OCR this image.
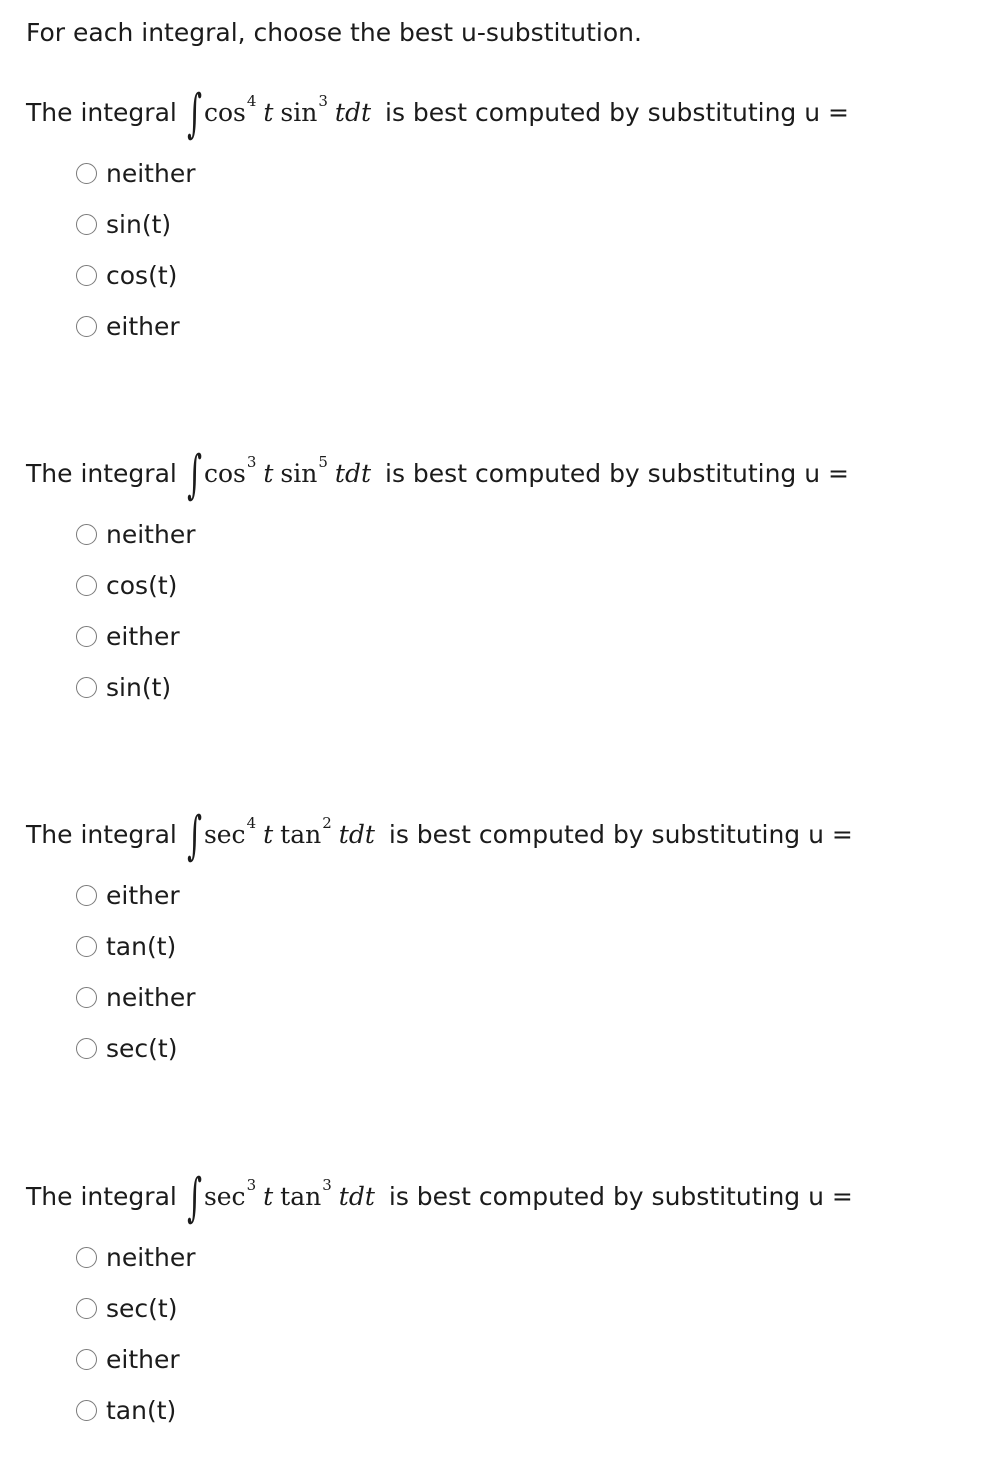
For each integral, choose the best u-substitution.
The integral ∫ $\cos^4 t$ $\sin^3$ tdt is best computed by substituting u =
neither
sin(t)
cos(t)
either
The integral ∫ $\cos^3 t$ $\sin^5$ tdt is best computed by substituting u =
neither
cos(t)
either
sin(t)
The integral ∫ $\sec^4 t$ $\tan^2$ tdt is best computed by substituting u =
either
tan(t)
neither
sec(t)
The integral ∫ $\sec^3 t$ $\tan^3$ tdt is best computed by substituting u =
neither
sec(t)
either
tan(t)
